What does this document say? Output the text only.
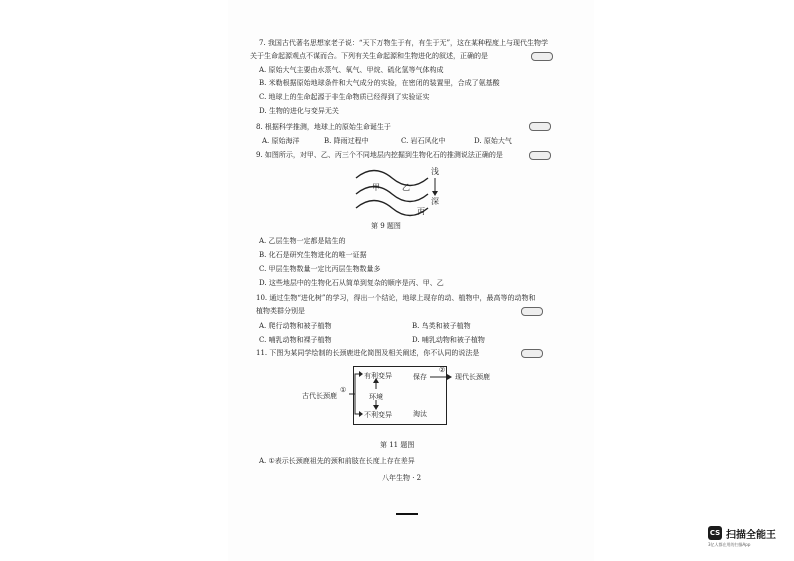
7. 我国古代著名思想家老子说：“天下万物生于有，有生于无”，这在某种程度上与现代生物学
关于生命起源观点不谋而合。下列有关生命起源和生物进化的叙述，正确的是
A. 原始大气主要由水蒸气、氧气、甲烷、硫化氢等气体构成
B. 米勒根据原始地球条件和大气成分的实验，在密闭的装置里，合成了氨基酸
C. 地球上的生命起源于非生命物质已经得到了实验证实
D. 生物的进化与变异无关
8. 根据科学推测，地球上的原始生命诞生于
A. 原始海洋	B. 降雨过程中	C. 岩石风化中	D. 原始大气
9. 如图所示，对甲、乙、丙三个不同地层内挖掘到生物化石的推测说法正确的是
甲	乙
丙
浅
深
第 9 题图
A. 乙层生物一定都是陆生的
B. 化石是研究生物进化的唯一证据
C. 甲层生物数量一定比丙层生物数量多
D. 这些地层中的生物化石从简单到复杂的顺序是丙、甲、乙
10. 通过生物“进化树”的学习，得出一个结论，地球上现存的动、植物中，最高等的动物和
植物类群分别是
A. 爬行动物和被子植物	B. 鸟类和被子植物
C. 哺乳动物和裸子植物	D. 哺乳动物和被子植物
11. 下图为某同学绘制的长颈鹿进化简图及相关阐述，你不认同的说法是
古代长颈鹿
①
有利变异
环境
不利变异
保存
淘汰
②
现代长颈鹿
第 11 题图
A. ①表示长颈鹿祖先的颈和前肢在长度上存在差异
八年生物 · 2
CS 扫描全能王
3亿人都在用的扫描App
